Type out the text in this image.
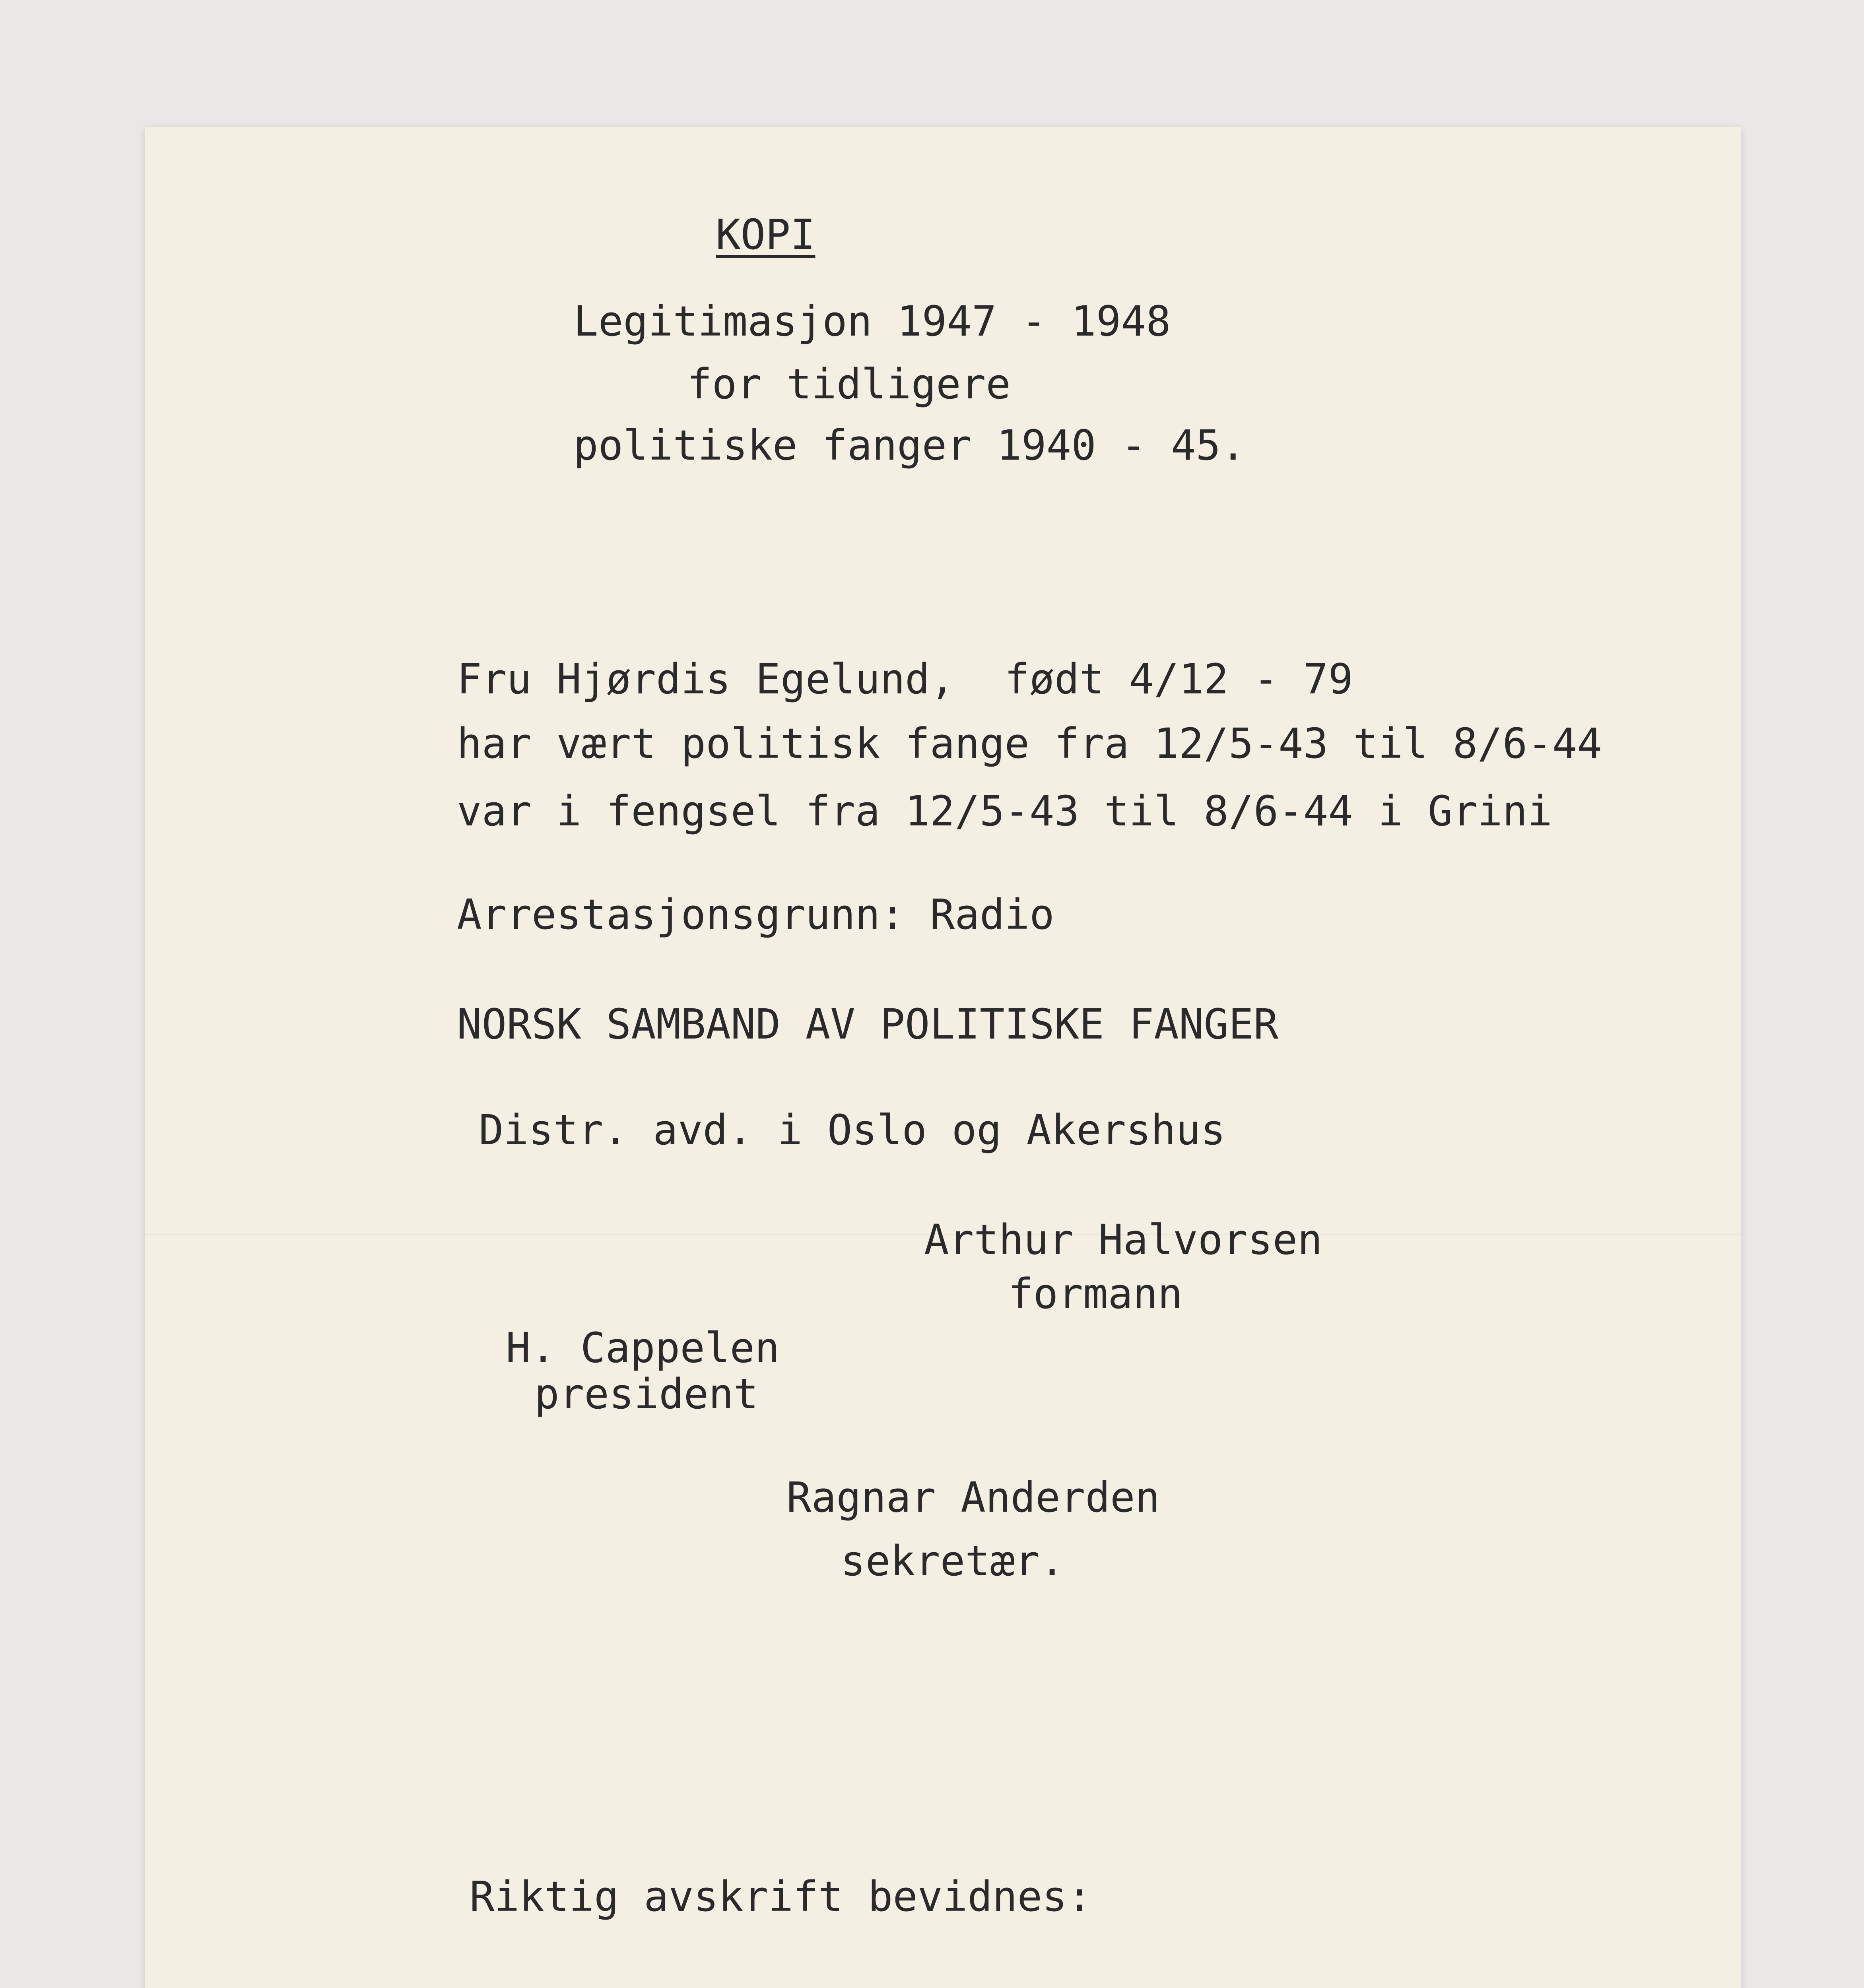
KOPI

Legitimasjon 1947 - 1948

for tidligere

politiske fanger 1940 - 45.

Fru Hjørdis Egelund,  født 4/12 - 79

har vært politisk fange fra 12/5-43 til 8/6-44

var i fengsel fra 12/5-43 til 8/6-44 i Grini

Arrestasjonsgrunn: Radio

NORSK SAMBAND AV POLITISKE FANGER

Distr. avd. i Oslo og Akershus

Arthur Halvorsen

formann

H. Cappelen

president

Ragnar Anderden

sekretær.

Riktig avskrift bevidnes:
